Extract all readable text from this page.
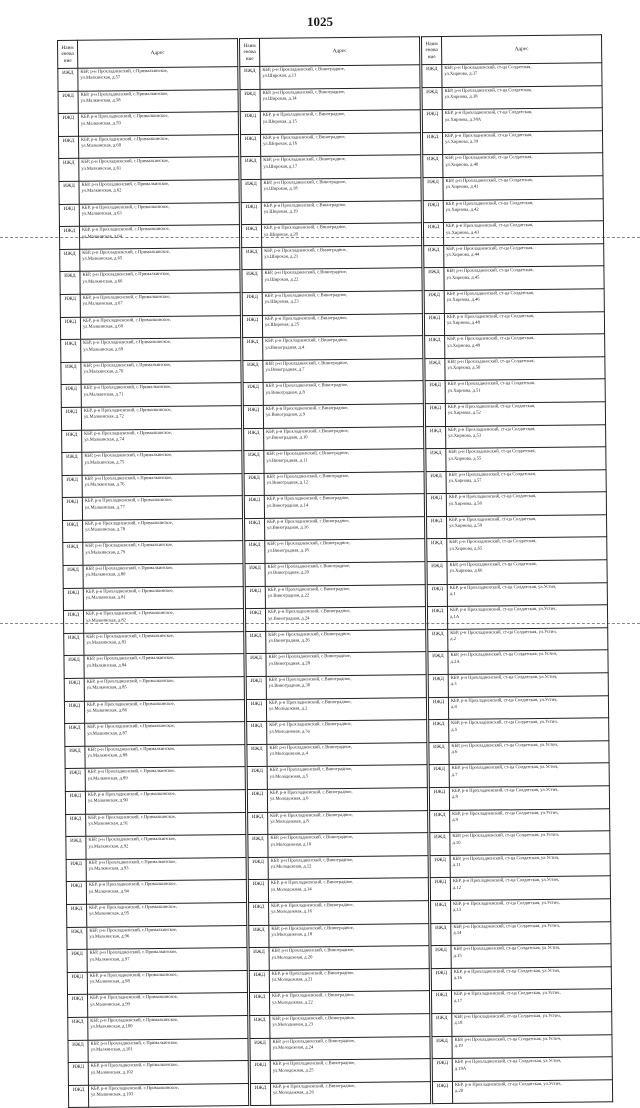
1025
Наим
енова
ние	Адрес
ИЖД	КБР, р-н Прохладненский, с.Прималкинское,
ул.Малкинская, д.57

ИЖД	КБР, р-н Прохладненский, с.Прималкинское,
ул.Малкинская, д.58

ИЖД	КБР, р-н Прохладненский, с.Прималкинское,
ул.Малкинская, д.59

ИЖД	КБР, р-н Прохладненский, с.Прималкинское,
ул.Малкинская, д.60

ИЖД	КБР, р-н Прохладненский, с.Прималкинское,
ул.Малкинская, д.61

ИЖД	КБР, р-н Прохладненский, с.Прималкинское,
ул.Малкинская, д.62

ИЖД	КБР, р-н Прохладненский, с.Прималкинское,
ул.Малкинская, д.63

ИЖД	КБР, р-н Прохладненский, с.Прималкинское,
ул.Малкинская, д.64

ИЖД	КБР, р-н Прохладненский, с.Прималкинское,
ул.Малкинская, д.65

ИЖД	КБР, р-н Прохладненский, с.Прималкинское,
ул.Малкинская, д.66

ИЖД	КБР, р-н Прохладненский, с.Прималкинское,
ул.Малкинская, д.67

ИЖД	КБР, р-н Прохладненский, с.Прималкинское,
ул.Малкинская, д.68

ИЖД	КБР, р-н Прохладненский, с.Прималкинское,
ул.Малкинская, д.69

ИЖД	КБР, р-н Прохладненский, с.Прималкинское,
ул.Малкинская, д.70

ИЖД	КБР, р-н Прохладненский, с.Прималкинское,
ул.Малкинская, д.71

ИЖД	КБР, р-н Прохладненский, с.Прималкинское,
ул.Малкинская, д.72

ИЖД	КБР, р-н Прохладненский, с.Прималкинское,
ул.Малкинская, д.74

ИЖД	КБР, р-н Прохладненский, с.Прималкинское,
ул.Малкинская, д.75

ИЖД	КБР, р-н Прохладненский, с.Прималкинское,
ул.Малкинская, д.76

ИЖД	КБР, р-н Прохладненский, с.Прималкинское,
ул.Малкинская, д.77

ИЖД	КБР, р-н Прохладненский, с.Прималкинское,
ул.Малкинская, д.78

ИЖД	КБР, р-н Прохладненский, с.Прималкинское,
ул.Малкинская, д.79

ИЖД	КБР, р-н Прохладненский, с.Прималкинское,
ул.Малкинская, д.80

ИЖД	КБР, р-н Прохладненский, с.Прималкинское,
ул.Малкинская, д.81

ИЖД	КБР, р-н Прохладненский, с.Прималкинское,
ул.Малкинская, д.82

ИЖД	КБР, р-н Прохладненский, с.Прималкинское,
ул.Малкинская, д.83

ИЖД	КБР, р-н Прохладненский, с.Прималкинское,
ул.Малкинская, д.84

ИЖД	КБР, р-н Прохладненский, с.Прималкинское,
ул.Малкинская, д.85

ИЖД	КБР, р-н Прохладненский, с.Прималкинское,
ул.Малкинская, д.86

ИЖД	КБР, р-н Прохладненский, с.Прималкинское,
ул.Малкинская, д.87

ИЖД	КБР, р-н Прохладненский, с.Прималкинское,
ул.Малкинская, д.88

ИЖД	КБР, р-н Прохладненский, с.Прималкинское,
ул.Малкинская, д.89

ИЖД	КБР, р-н Прохладненский, с.Прималкинское,
ул.Малкинская, д.90

ИЖД	КБР, р-н Прохладненский, с.Прималкинское,
ул.Малкинская, д.91

ИЖД	КБР, р-н Прохладненский, с.Прималкинское,
ул.Малкинская, д.92

ИЖД	КБР, р-н Прохладненский, с.Прималкинское,
ул.Малкинская, д.93

ИЖД	КБР, р-н Прохладненский, с.Прималкинское,
ул.Малкинская, д.94

ИЖД	КБР, р-н Прохладненский, с.Прималкинское,
ул.Малкинская, д.95

ИЖД	КБР, р-н Прохладненский, с.Прималкинское,
ул.Малкинская, д.96

ИЖД	КБР, р-н Прохладненский, с.Прималкинское,
ул.Малкинская, д.97

ИЖД	КБР, р-н Прохладненский, с.Прималкинское,
ул.Малкинская, д.98

ИЖД	КБР, р-н Прохладненский, с.Прималкинское,
ул.Малкинская, д.99

ИЖД	КБР, р-н Прохладненский, с.Прималкинское,
ул.Малкинская, д.100

ИЖД	КБР, р-н Прохладненский, с.Прималкинское,
ул.Малкинская, д.101

ИЖД	КБР, р-н Прохладненский, с.Прималкинское,
ул.Малкинская, д.102

ИЖД	КБР, р-н Прохладненский, с.Прималкинское,
ул.Малкинская, д.103
Наим
енова
ние	Адрес
ИЖД	КБР, р-н Прохладненский, с.Виноградное,
ул.Широкая, д.13

ИЖД	КБР, р-н Прохладненский, с.Виноградное,
ул.Широкая, д.14

ИЖД	КБР, р-н Прохладненский, с.Виноградное,
ул.Широкая, д.15

ИЖД	КБР, р-н Прохладненский, с.Виноградное,
ул.Широкая, д.16

ИЖД	КБР, р-н Прохладненский, с.Виноградное,
ул.Широкая, д.17

ИЖД	КБР, р-н Прохладненский, с.Виноградное,
ул.Широкая, д.18

ИЖД	КБР, р-н Прохладненский, с.Виноградное,
ул.Широкая, д.19

ИЖД	КБР, р-н Прохладненский, с.Виноградное,
ул.Широкая, д.20

ИЖД	КБР, р-н Прохладненский, с.Виноградное,
ул.Широкая, д.21

ИЖД	КБР, р-н Прохладненский, с.Виноградное,
ул.Широкая, д.22

ИЖД	КБР, р-н Прохладненский, с.Виноградное,
ул.Широкая, д.23

ИЖД	КБР, р-н Прохладненский, с.Виноградное,
ул.Широкая, д.25

ИЖД	КБР, р-н Прохладненский, с.Виноградное,
ул.Виноградная, д.4

ИЖД	КБР, р-н Прохладненский, с.Виноградное,
ул.Виноградная, д.7

ИЖД	КБР, р-н Прохладненский, с.Виноградное,
ул.Виноградная, д.8

ИЖД	КБР, р-н Прохладненский, с.Виноградное,
ул.Виноградная, д.9

ИЖД	КБР, р-н Прохладненский, с.Виноградное,
ул.Виноградная, д.10

ИЖД	КБР, р-н Прохладненский, с.Виноградное,
ул.Виноградная, д.11

ИЖД	КБР, р-н Прохладненский, с.Виноградное,
ул.Виноградная, д.12

ИЖД	КБР, р-н Прохладненский, с.Виноградное,
ул.Виноградная, д.14

ИЖД	КБР, р-н Прохладненский, с.Виноградное,
ул.Виноградная, д.16

ИЖД	КБР, р-н Прохладненский, с.Виноградное,
ул.Виноградная, д.18

ИЖД	КБР, р-н Прохладненский, с.Виноградное,
ул.Виноградная, д.20

ИЖД	КБР, р-н Прохладненский, с.Виноградное,
ул.Виноградная, д.22

ИЖД	КБР, р-н Прохладненский, с.Виноградное,
ул.Виноградная, д.24

ИЖД	КБР, р-н Прохладненский, с.Виноградное,
ул.Виноградная, д.26

ИЖД	КБР, р-н Прохладненский, с.Виноградное,
ул.Виноградная, д.28

ИЖД	КБР, р-н Прохладненский, с.Виноградное,
ул.Виноградная, д.30

ИЖД	КБР, р-н Прохладненский, с.Виноградное,
ул.Молодежная, д.2

ИЖД	КБР, р-н Прохладненский, с.Виноградное,
ул.Молодежная, д.3а

ИЖД	КБР, р-н Прохладненский, с.Виноградное,
ул.Молодежная, д.4

ИЖД	КБР, р-н Прохладненский, с.Виноградное,
ул.Молодежная, д.5

ИЖД	КБР, р-н Прохладненский, с.Виноградное,
ул.Молодежная, д.6

ИЖД	КБР, р-н Прохладненский, с.Виноградное,
ул.Молодежная, д.8

ИЖД	КБР, р-н Прохладненский, с.Виноградное,
ул.Молодежная, д.10

ИЖД	КБР, р-н Прохладненский, с.Виноградное,
ул.Молодежная, д.12

ИЖД	КБР, р-н Прохладненский, с.Виноградное,
ул.Молодежная, д.14

ИЖД	КБР, р-н Прохладненский, с.Виноградное,
ул.Молодежная, д.16

ИЖД	КБР, р-н Прохладненский, с.Виноградное,
ул.Молодежная, д.18

ИЖД	КБР, р-н Прохладненский, с.Виноградное,
ул.Молодежная, д.20

ИЖД	КБР, р-н Прохладненский, с.Виноградное,
ул.Молодежная, д.21

ИЖД	КБР, р-н Прохладненский, с.Виноградное,
ул.Молодежная, д.22

ИЖД	КБР, р-н Прохладненский, с.Виноградное,
ул.Молодежная, д.23

ИЖД	КБР, р-н Прохладненский, с.Виноградное,
ул.Молодежная, д.24

ИЖД	КБР, р-н Прохладненский, с.Виноградное,
ул.Молодежная, д.25

ИЖД	КБР, р-н Прохладненский, с.Виноградное,
ул.Молодежная, д.26
Наим
енова
ние	Адрес
ИЖД	КБР, р-н Прохладненский, ст-ца Солдатская,
ул.Хирнова, д.37

ИЖД	КБР, р-н Прохладненский, ст-ца Солдатская,
ул.Хирнова, д.38

ИЖД	КБР, р-н Прохладненский, ст-ца Солдатская,
ул.Хирнова, д.38А

ИЖД	КБР, р-н Прохладненский, ст-ца Солдатская,
ул.Хирнова, д.39

ИЖД	КБР, р-н Прохладненский, ст-ца Солдатская,
ул.Хирнова, д.40

ИЖД	КБР, р-н Прохладненский, ст-ца Солдатская,
ул.Хирнова, д.41

ИЖД	КБР, р-н Прохладненский, ст-ца Солдатская,
ул.Хирнова, д.42

ИЖД	КБР, р-н Прохладненский, ст-ца Солдатская,
ул.Хирнова, д.43

ИЖД	КБР, р-н Прохладненский, ст-ца Солдатская,
ул.Хирнова, д.44

ИЖД	КБР, р-н Прохладненский, ст-ца Солдатская,
ул.Хирнова, д.45

ИЖД	КБР, р-н Прохладненский, ст-ца Солдатская,
ул.Хирнова, д.46

ИЖД	КБР, р-н Прохладненский, ст-ца Солдатская,
ул.Хирнова, д.48

ИЖД	КБР, р-н Прохладненский, ст-ца Солдатская,
ул.Хирнова, д.49

ИЖД	КБР, р-н Прохладненский, ст-ца Солдатская,
ул.Хирнова, д.50

ИЖД	КБР, р-н Прохладненский, ст-ца Солдатская,
ул.Хирнова, д.51

ИЖД	КБР, р-н Прохладненский, ст-ца Солдатская,
ул.Хирнова, д.52

ИЖД	КБР, р-н Прохладненский, ст-ца Солдатская,
ул.Хирнова, д.53

ИЖД	КБР, р-н Прохладненский, ст-ца Солдатская,
ул.Хирнова, д.55

ИЖД	КБР, р-н Прохладненский, ст-ца Солдатская,
ул.Хирнова, д.57

ИЖД	КБР, р-н Прохладненский, ст-ца Солдатская,
ул.Хирнова, д.58

ИЖД	КБР, р-н Прохладненский, ст-ца Солдатская,
ул.Хирнова, д.59

ИЖД	КБР, р-н Прохладненский, ст-ца Солдатская,
ул.Хирнова, д.65

ИЖД	КБР, р-н Прохладненский, ст-ца Солдатская,
ул.Хирнова, д.66

ИЖД	КБР, р-н Прохладненский, ст-ца Солдатская, ул.Устич,
д.1

ИЖД	КБР, р-н Прохладненский, ст-ца Солдатская, ул.Устич,
д.1А

ИЖД	КБР, р-н Прохладненский, ст-ца Солдатская, ул.Устич,
д.2

ИЖД	КБР, р-н Прохладненский, ст-ца Солдатская, ул.Устич,
д.2А

ИЖД	КБР, р-н Прохладненский, ст-ца Солдатская, ул.Устич,
д.3

ИЖД	КБР, р-н Прохладненский, ст-ца Солдатская, ул.Устич,
д.4

ИЖД	КБР, р-н Прохладненский, ст-ца Солдатская, ул.Устич,
д.5

ИЖД	КБР, р-н Прохладненский, ст-ца Солдатская, ул.Устич,
д.6

ИЖД	КБР, р-н Прохладненский, ст-ца Солдатская, ул.Устич,
д.7

ИЖД	КБР, р-н Прохладненский, ст-ца Солдатская, ул.Устич,
д.8

ИЖД	КБР, р-н Прохладненский, ст-ца Солдатская, ул.Устич,
д.9

ИЖД	КБР, р-н Прохладненский, ст-ца Солдатская, ул.Устич,
д.10

ИЖД	КБР, р-н Прохладненский, ст-ца Солдатская, ул.Устич,
д.11

ИЖД	КБР, р-н Прохладненский, ст-ца Солдатская, ул.Устич,
д.12

ИЖД	КБР, р-н Прохладненский, ст-ца Солдатская, ул.Устич,
д.13

ИЖД	КБР, р-н Прохладненский, ст-ца Солдатская, ул.Устич,
д.14

ИЖД	КБР, р-н Прохладненский, ст-ца Солдатская, ул.Устич,
д.15

ИЖД	КБР, р-н Прохладненский, ст-ца Солдатская, ул.Устич,
д.16

ИЖД	КБР, р-н Прохладненский, ст-ца Солдатская, ул.Устич,
д.17

ИЖД	КБР, р-н Прохладненский, ст-ца Солдатская, ул.Устич,
д.18

ИЖД	КБР, р-н Прохладненский, ст-ца Солдатская, ул.Устич,
д.19

ИЖД	КБР, р-н Прохладненский, ст-ца Солдатская, ул.Устич,
д.19А

ИЖД	КБР, р-н Прохладненский, ст-ца Солдатская, ул.Устич,
д.20
